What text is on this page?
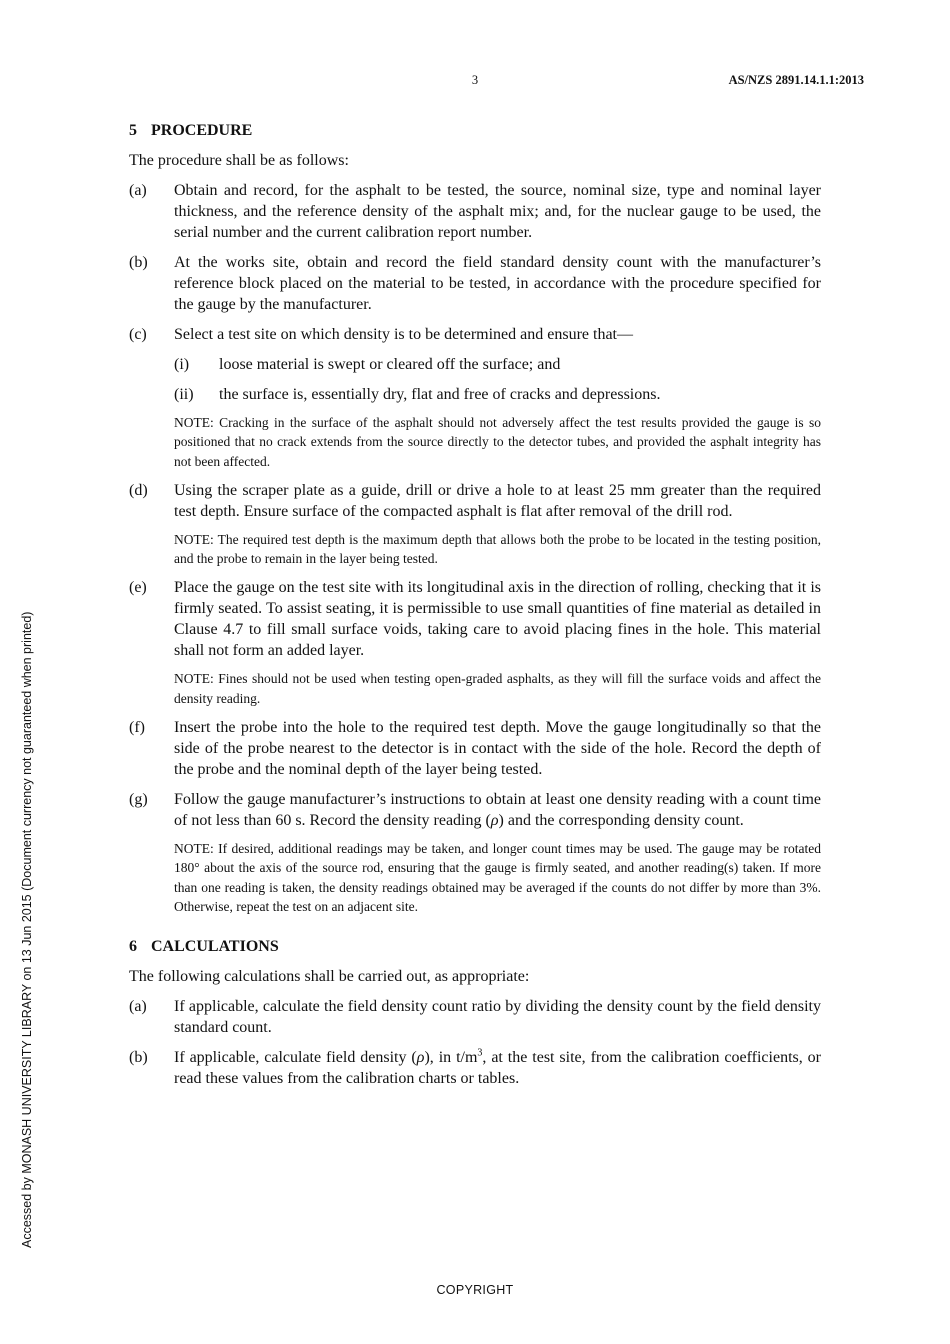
3	AS/NZS 2891.14.1.1:2013
Accessed by MONASH UNIVERSITY LIBRARY on 13 Jun 2015 (Document currency not guaranteed when printed)
5 PROCEDURE

The procedure shall be as follows:

(a)	Obtain and record, for the asphalt to be tested, the source, nominal size, type and nominal layer thickness, and the reference density of the asphalt mix; and, for the nuclear gauge to be used, the serial number and the current calibration report number.

(b)	At the works site, obtain and record the field standard density count with the manufacturer’s reference block placed on the material to be tested, in accordance with the procedure specified for the gauge by the manufacturer.

(c)	Select a test site on which density is to be determined and ensure that—

(i)	loose material is swept or cleared off the surface; and

(ii)	the surface is, essentially dry, flat and free of cracks and depressions.

NOTE: Cracking in the surface of the asphalt should not adversely affect the test results provided the gauge is so positioned that no crack extends from the source directly to the detector tubes, and provided the asphalt integrity has not been affected.

(d)	Using the scraper plate as a guide, drill or drive a hole to at least 25 mm greater than the required test depth. Ensure surface of the compacted asphalt is flat after removal of the drill rod.

NOTE: The required test depth is the maximum depth that allows both the probe to be located in the testing position, and the probe to remain in the layer being tested.

(e)	Place the gauge on the test site with its longitudinal axis in the direction of rolling, checking that it is firmly seated. To assist seating, it is permissible to use small quantities of fine material as detailed in Clause 4.7 to fill small surface voids, taking care to avoid placing fines in the hole. This material shall not form an added layer.

NOTE: Fines should not be used when testing open-graded asphalts, as they will fill the surface voids and affect the density reading.

(f)	Insert the probe into the hole to the required test depth. Move the gauge longitudinally so that the side of the probe nearest to the detector is in contact with the side of the hole. Record the depth of the probe and the nominal depth of the layer being tested.

(g)	Follow the gauge manufacturer’s instructions to obtain at least one density reading with a count time of not less than 60 s. Record the density reading (ρ) and the corresponding density count.

NOTE: If desired, additional readings may be taken, and longer count times may be used. The gauge may be rotated 180° about the axis of the source rod, ensuring that the gauge is firmly seated, and another reading(s) taken. If more than one reading is taken, the density readings obtained may be averaged if the counts do not differ by more than 3%. Otherwise, repeat the test on an adjacent site.

6 CALCULATIONS

The following calculations shall be carried out, as appropriate:

(a)	If applicable, calculate the field density count ratio by dividing the density count by the field density standard count.

(b)	If applicable, calculate field density (ρ), in $t/m^3$, at the test site, from the calibration coefficients, or read these values from the calibration charts or tables.

COPYRIGHT
